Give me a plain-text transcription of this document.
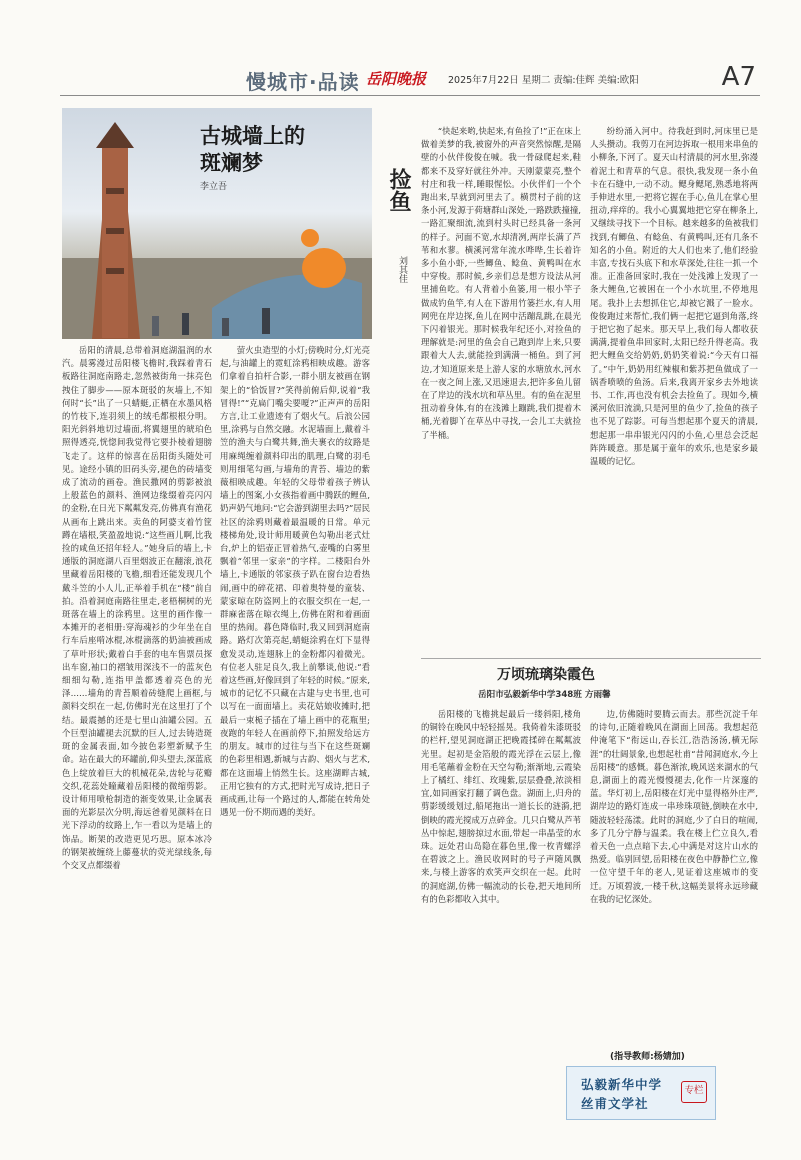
慢城市·品读 岳阳晚报 2025年7月22日 星期二 责编:佳辉 美编:欧阳	A7
古城墙上的
斑斓梦
李立吾
岳阳的清晨,总带着洞庭湖温润的水汽。晨雾漫过岳阳楼飞檐时,我踩着青石板路往洞庭南路走,忽然被街角一抹亮色拽住了脚步——原本斑驳的灰墙上,不知何时“长”出了一只蜻蜓,正栖在水墨风格的竹枝下,连羽须上的绒毛都根根分明。阳光斜斜地切过墙面,将翼翅里的琥珀色照得透亮,恍惚间我觉得它要扑棱着翅膀飞走了。这样的惊喜在岳阳街头随处可见。途经小镇的旧码头旁,褪色的砖墙变成了流动的画卷。渔民撒网的剪影被浪上般蓝色的颜料、渔网边缘缀着亮闪闪的金粉,在日光下粼粼发亮,仿佛真有渔花从画布上跳出来。卖鱼的阿婆支着竹筐蹲在墙根,笑盈盈地说:“这些画儿啊,比我捡的咸鱼还招年轻人。”她身后的墙上,卡通版的洞庭湖八百里烟波正在翻滚,浪花里藏着岳阳楼的飞檐,细看还能发现几个戴斗笠的小人儿,正举着手机在“楼”前自拍。沿着洞庭南路往里走,老梧桐树的光斑落在墙上的涂鸦里。这里的画作像一本摊开的老相册:穿海魂衫的少年坐在自行车后座啃冰棍,冰棍滴落的奶油被画成了草叶形状;戴着白手套的电车售票员探出车窗,袖口的褶皱用深浅不一的蓝灰色细细勾勒,连指甲盖都透着亮色的光泽……墙角的青苔顺着砖缝爬上画框,与颜料交织在一起,仿佛时光在这里打了个结。最震撼的还是七里山油罐公园。五个巨型油罐褪去沉默的巨人,过去铸造斑斑的金属表面,如今披色彩塑新赋予生命。站在最大的环罐前,仰头望去,深蓝底色上绽放着巨大的机械花朵,齿轮与花瓣交织,花蕊处瞳藏着岳阳楼的微缩剪影。设计师用喷枪制造的渐变效果,让金属表面的光影层次分明,海远爸着见颜料在日光下浮动的纹路上,乍一看以为是墙上的饰品。断架的改造更见巧思。原本冰冷的钢架被缠绕上藤蔓状的荧光绿线条,每个交叉点都缀着
萤火虫造型的小灯;傍晚时分,灯光亮起,与油罐上的霓虹涂鸦相映成趣。游客们拿着自拍杆合影,一群小朋友被画在钢架上的“恰饭冒?”笑得前俯后仰,说着“我冒得!”“克扁门嘴尖要嗄?”正声声的岳阳方言,让工业遗迹有了烟火气。后浪公园里,涂鸦与自然交融。水泥墙面上,戴着斗笠的渔夫与白鹭共舞,渔夫裹衣的纹路是用麻绳缠着颜料印出的肌理,白鹭的羽毛则用细笔勾画,与墙角的青苔、墙边的紫薇相映成趣。年轻的父母带着孩子辨认墙上的图案,小女孩指着画中腾跃的鲤鱼,奶声奶气地问:“它会游到湖里去吗?”居民社区的涂鸦则藏着最温暖的日常。单元楼梯角处,设计师用暖黄色勾勒出老式灶台,炉上的铝壶正冒着热气,壶嘴的白雾里飘着“邻里一家亲”的字样。二楼阳台外墙上,卡通版的邻家孩子趴在窗台边看热闹,画中的碎花裙、印着奥特曼的童装、蒙家晾在防盗网上的衣服交织在一起,一群麻雀落在晾衣绳上,仿佛在附和着画面里的热闹。暮色降临时,我又回到洞庭南路。路灯次第亮起,蜻蜓涂鸦在灯下显得愈发灵动,连翅脉上的金粉都闪着微光。有位老人驻足良久,我上前攀谈,他说:“看着这些画,好像回到了年轻的时候。”原来,城市的记忆不只藏在古建与史书里,也可以写在一面面墙上。卖花姑娘收摊时,把最后一束栀子插在了墙上画中的花瓶里;夜跑的年轻人在画前停下,拍照发给远方的朋友。城市的过往与当下在这些斑斓的色彩里相遇,新城与古韵、烟火与艺术,都在这面墙上悄然生长。这座湖畔古城,正用它独有的方式,把时光写成诗,把日子画成画,让每一个路过的人,都能在转角处遇见一份不期而遇的美好。
捡鱼
刘其佳
“快起来哟,快起来,有鱼捡了!”正在床上做着美梦的我,被窗外的声音突然惊醒,是隔壁的小伙伴俊俊在喊。我一骨碌爬起来,鞋都来不及穿好就往外冲。天刚蒙蒙亮,整个村庄和我一样,睡眼惺忪。小伙伴们一个个跑出来,早就到河里去了。横贯村子前的这条小河,发源于荷塘群山深处,一路跌跌撞撞,一路汇聚细流,流到村头时已经具备一条河的样子。河面不宽,水却清冽,两岸长满了芦苇和水蓼。横溪河常年流水哗哗,生长着许多小鱼小虾,一些鲫鱼、鲶鱼、黄鸭叫在水中穿梭。那时候,乡亲们总是想方设法从河里捕鱼吃。有人背着小鱼篓,用一根小竿子做成钓鱼竿,有人在下游用竹篓拦水,有人用网兜在岸边探,鱼儿在网中活蹦乱跳,在晨光下闪着银光。那时候我年纪还小,对捡鱼的理解就是:河里的鱼会自己跑到岸上来,只要跟着大人去,就能捡到满满一桶鱼。到了河边,才知道原来是上游人家的水塘放水,河水在一夜之间上涨,又迅速退去,把许多鱼儿留在了岸边的浅水坑和草丛里。有的鱼在泥里扭动着身体,有的在浅滩上蹦跳,我们提着木桶,光着脚丫在草丛中寻找,一会儿工夫就捡了半桶。
纷纷涌入河中。待我赶到时,河床里已是人头攒动。我剪刀在河边拆取一根用来串鱼的小柳条,下河了。夏天山村清晨的河水里,弥漫着泥土和青草的气息。很快,我发现一条小鱼卡在石缝中,一动不动。鳃身鳃尾,熟悉地将两手伸进水里,一把将它握在手心,鱼儿在掌心里扭动,痒痒的。我小心翼翼地把它穿在柳条上,又继续寻找下一个目标。越来越多的鱼被我们找到,有鲫鱼、有鲶鱼、有黄鸭叫,还有几条不知名的小鱼。附近的大人们也来了,他们经验丰富,专找石头底下和水草深处,往往一抓一个准。正准备回家时,我在一处浅滩上发现了一条大鲤鱼,它被困在一个小水坑里,不停地甩尾。我扑上去想抓住它,却被它溅了一脸水。俊俊跑过来帮忙,我们俩一起把它逼到角落,终于把它抱了起来。那天早上,我们每人都收获满满,提着鱼串回家时,太阳已经升得老高。我把大鲤鱼交给奶奶,奶奶笑着说:“今天有口福了。”中午,奶奶用红辣椒和紫苏把鱼做成了一锅香喷喷的鱼汤。后来,我离开家乡去外地读书、工作,再也没有机会去捡鱼了。现如今,横溪河依旧流淌,只是河里的鱼少了,捡鱼的孩子也不见了踪影。可每当想起那个夏天的清晨,想起那一串串银光闪闪的小鱼,心里总会泛起阵阵暖意。那是属于童年的欢乐,也是家乡最温暖的记忆。
万顷琉璃染霞色
岳阳市弘毅新华中学348班 方雨馨
岳阳楼的飞檐挑起最后一缕斜阳,楼角的铜铃在晚风中轻轻摇晃。我倚着朱漆斑驳的栏杆,望见洞庭湖正把晚霞揉碎在粼粼波光里。起初是金箔般的霞光浮在云层上,像用毛笔蘸着金粉在天空勾勒;渐渐地,云霞染上了橘红、绯红、玫瑰紫,层层叠叠,浓淡相宜,如同画家打翻了调色盘。湖面上,归舟的剪影缓缓划过,船尾拖出一道长长的涟漪,把倒映的霞光搅成万点碎金。几只白鹭从芦苇丛中惊起,翅膀掠过水面,带起一串晶莹的水珠。远处君山岛隐在暮色里,像一枚青螺浮在碧波之上。渔民收网时的号子声随风飘来,与楼上游客的欢笑声交织在一起。此时的洞庭湖,仿佛一幅流动的长卷,把天地间所有的色彩都收入其中。
边,仿佛随时要腾云而去。那些沉淀千年的诗句,正随着晚风在湖面上回荡。我想起范仲淹笔下“衔远山,吞长江,浩浩汤汤,横无际涯”的壮阔景象,也想起杜甫“昔闻洞庭水,今上岳阳楼”的感慨。暮色渐浓,晚风送来湖水的气息,湖面上的霞光慢慢褪去,化作一片深邃的蓝。华灯初上,岳阳楼在灯光中显得格外庄严,湖岸边的路灯连成一串珍珠项链,倒映在水中,随波轻轻荡漾。此时的洞庭,少了白日的喧闹,多了几分宁静与温柔。我在楼上伫立良久,看着天色一点点暗下去,心中满是对这片山水的热爱。临别回望,岳阳楼在夜色中静静伫立,像一位守望千年的老人,见证着这座城市的变迁。万顷碧波,一楼千秋,这幅美景将永远珍藏在我的记忆深处。
(指导教师:杨婧加)
弘毅新华中学
丝甫文学社
专栏
